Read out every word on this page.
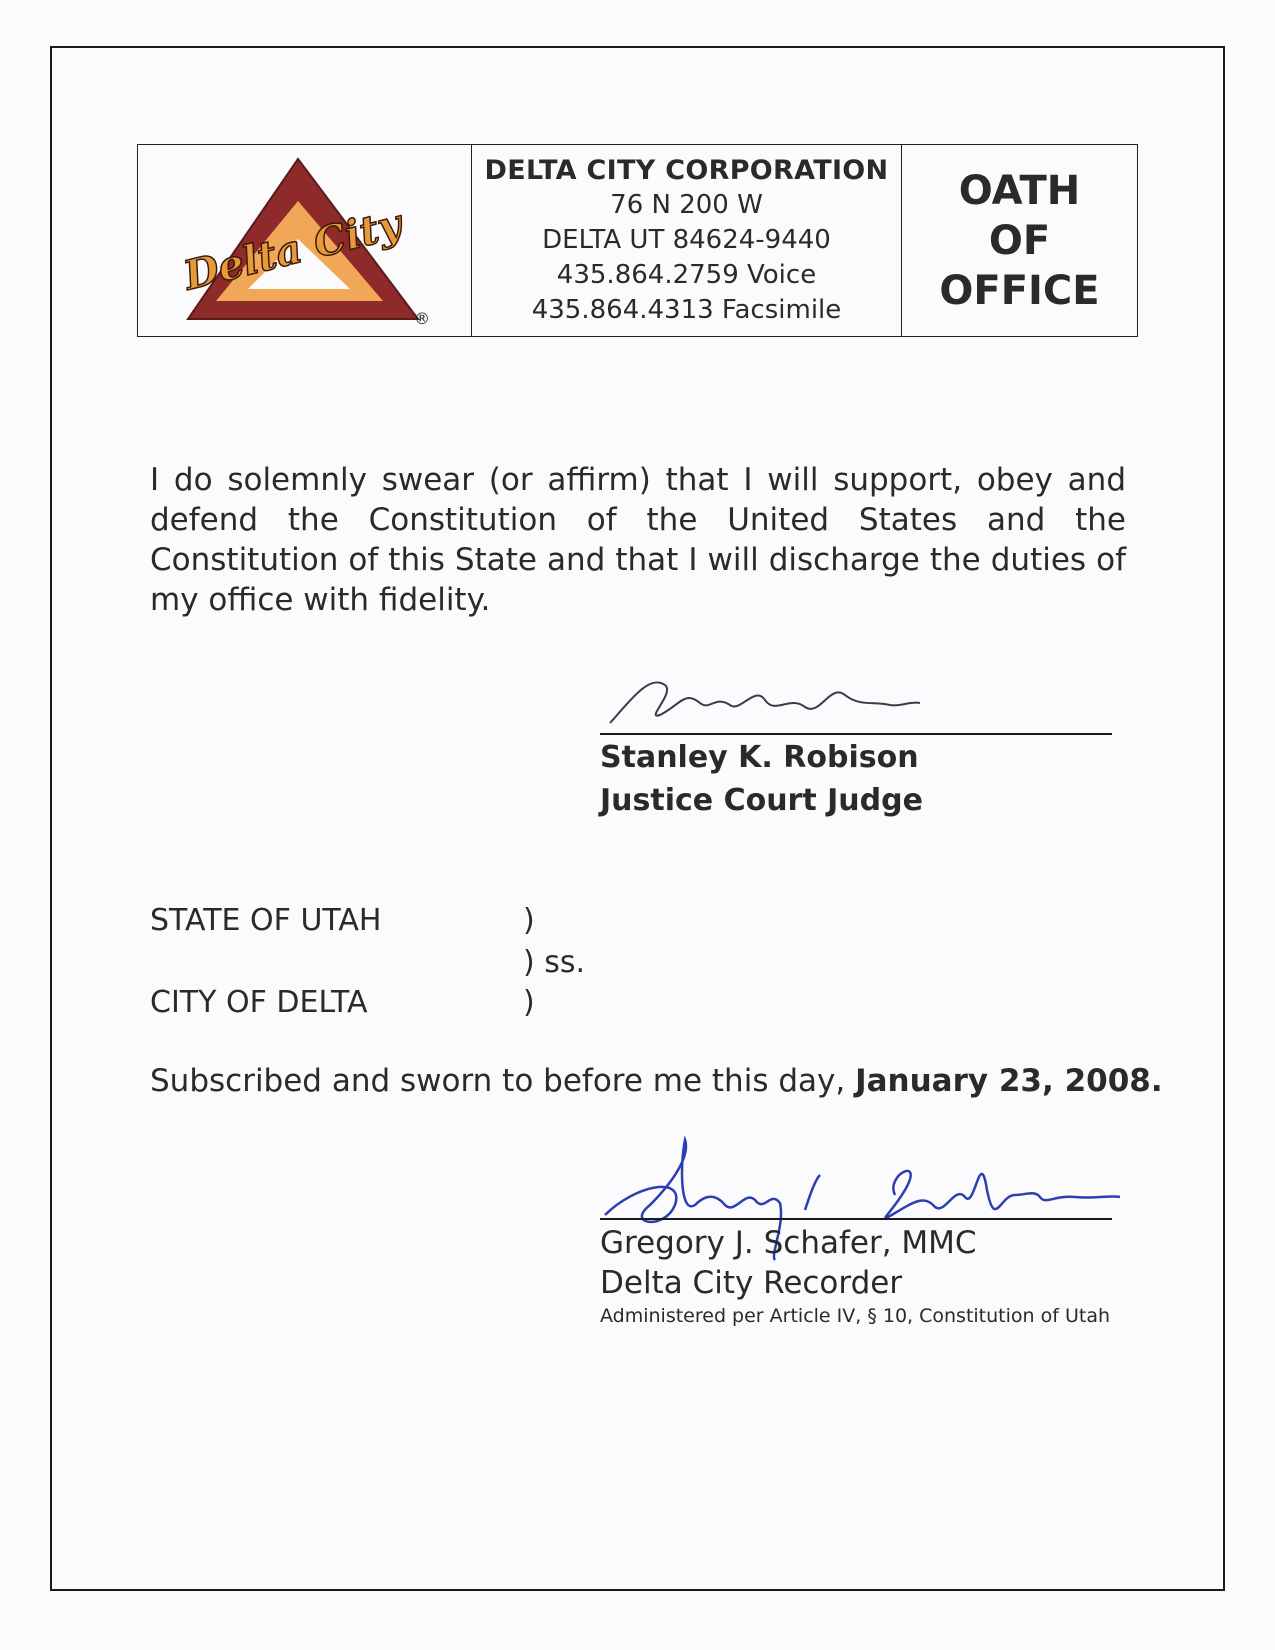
Delta City
®
DELTA CITY CORPORATION
76 N 200 W
DELTA UT 84624-9440
435.864.2759 Voice
435.864.4313 Facsimile
OATH
OF
OFFICE
I do solemnly swear (or affirm) that I will support, obey and defend the Constitution of the United States and the Constitution of this State and that I will discharge the duties of my office with fidelity.
Stanley K. Robison
Justice Court Judge
STATE OF UTAH
CITY OF DELTA
)
) ss.
)
Subscribed and sworn to before me this day, January 23, 2008.
Gregory J. Schafer, MMC
Delta City Recorder
Administered per Article IV, § 10, Constitution of Utah
